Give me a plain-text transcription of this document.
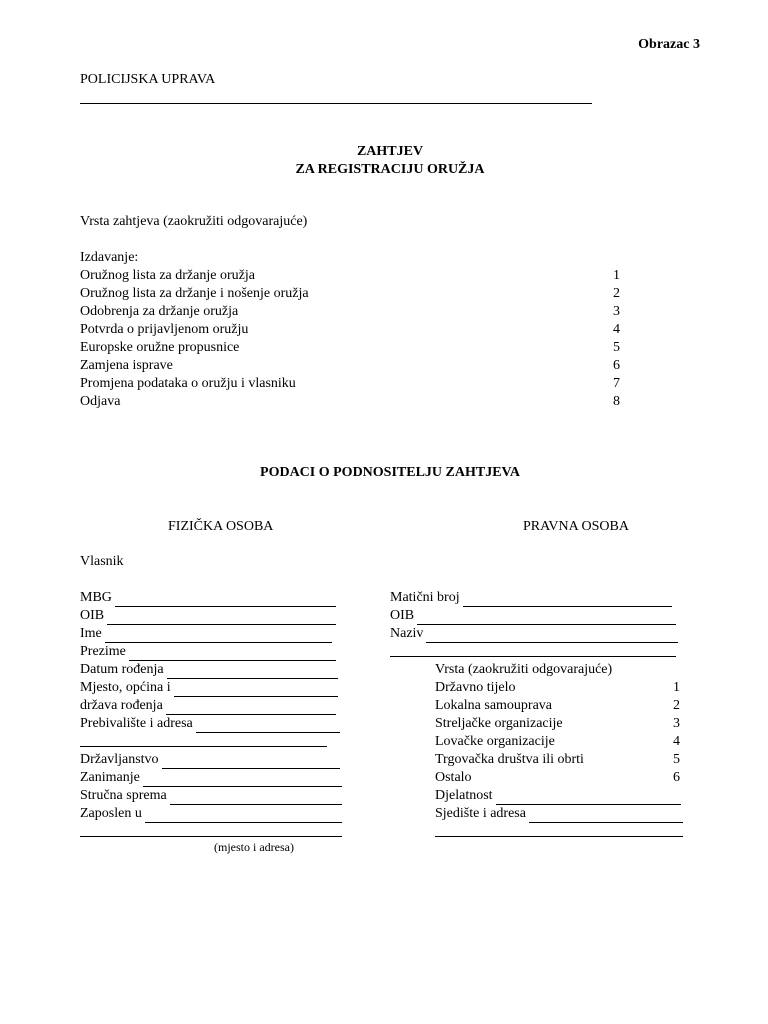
Obrazac 3
POLICIJSKA UPRAVA
ZAHTJEV
ZA REGISTRACIJU ORUŽJA
Vrsta zahtjeva (zaokružiti odgovarajuće)
Izdavanje:
Oružnog lista za držanje oružja	1
Oružnog lista za držanje i nošenje oružja	2
Odobrenja za držanje oružja	3
Potvrda o prijavljenom oružju	4
Europske oružne propusnice	5
Zamjena isprave	6
Promjena podataka o oružju i vlasniku	7
Odjava	8
PODACI O PODNOSITELJU ZAHTJEVA
FIZIČKA OSOBA	PRAVNA OSOBA
Vlasnik
MBG
OIB
Ime
Prezime
Datum rođenja
Mjesto, općina i
država rođenja
Prebivalište i adresa
Državljanstvo
Zanimanje
Stručna sprema
Zaposlen u
(mjesto i adresa)
Matični broj
OIB
Naziv
Vrsta (zaokružiti odgovarajuće)
Državno tijelo	1
Lokalna samouprava	2
Streljačke organizacije	3
Lovačke organizacije	4
Trgovačka društva ili obrti	5
Ostalo	6
Djelatnost
Sjedište i adresa
